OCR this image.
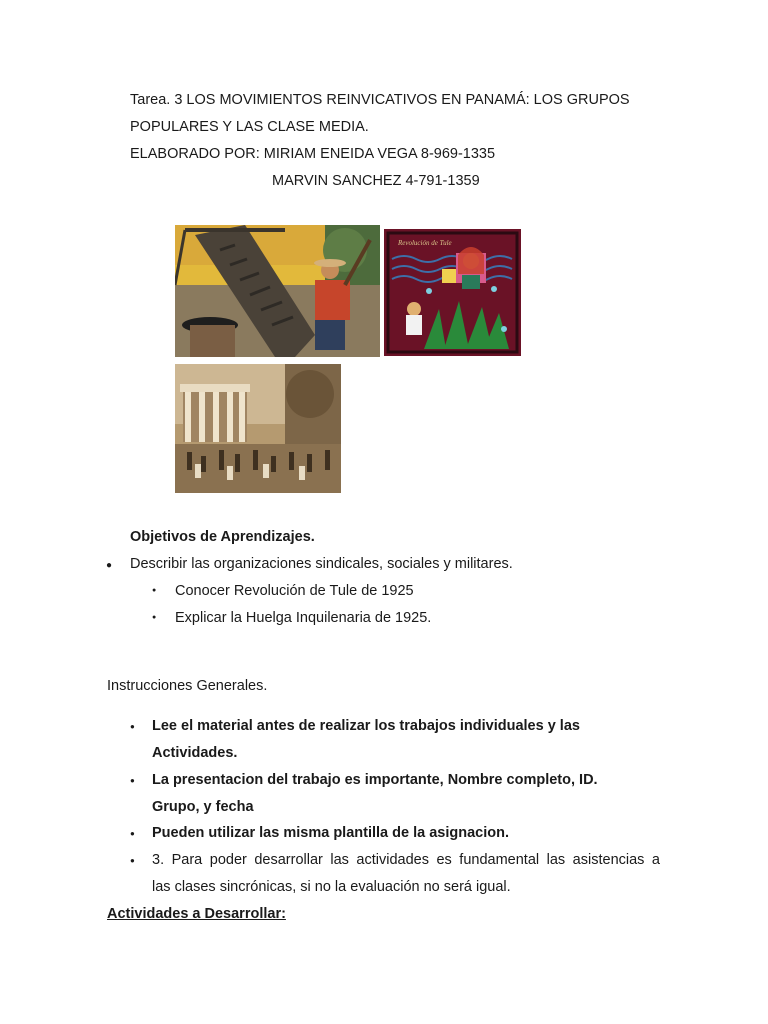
Tarea. 3 LOS MOVIMIENTOS REINVICATIVOS EN PANAMÁ: LOS GRUPOS
POPULARES Y LAS CLASE MEDIA.
ELABORADO POR: MIRIAM ENEIDA VEGA 8-969-1335
MARVIN SANCHEZ 4-791-1359
Revolución de Tule
Objetivos de Aprendizajes.
● Describir las organizaciones sindicales, sociales y militares.
● Conocer Revolución de Tule de 1925
● Explicar la Huelga Inquilenaria de 1925.
Instrucciones Generales.
● Lee el material antes de realizar los trabajos individuales y las
Actividades.
● La presentacion del trabajo es importante, Nombre completo, ID.
Grupo, y fecha
● Pueden utilizar las misma plantilla de la asignacion.
● 3. Para poder desarrollar las actividades es fundamental las asistencias a
las clases sincrónicas, si no la evaluación no será igual.
Actividades a Desarrollar:
